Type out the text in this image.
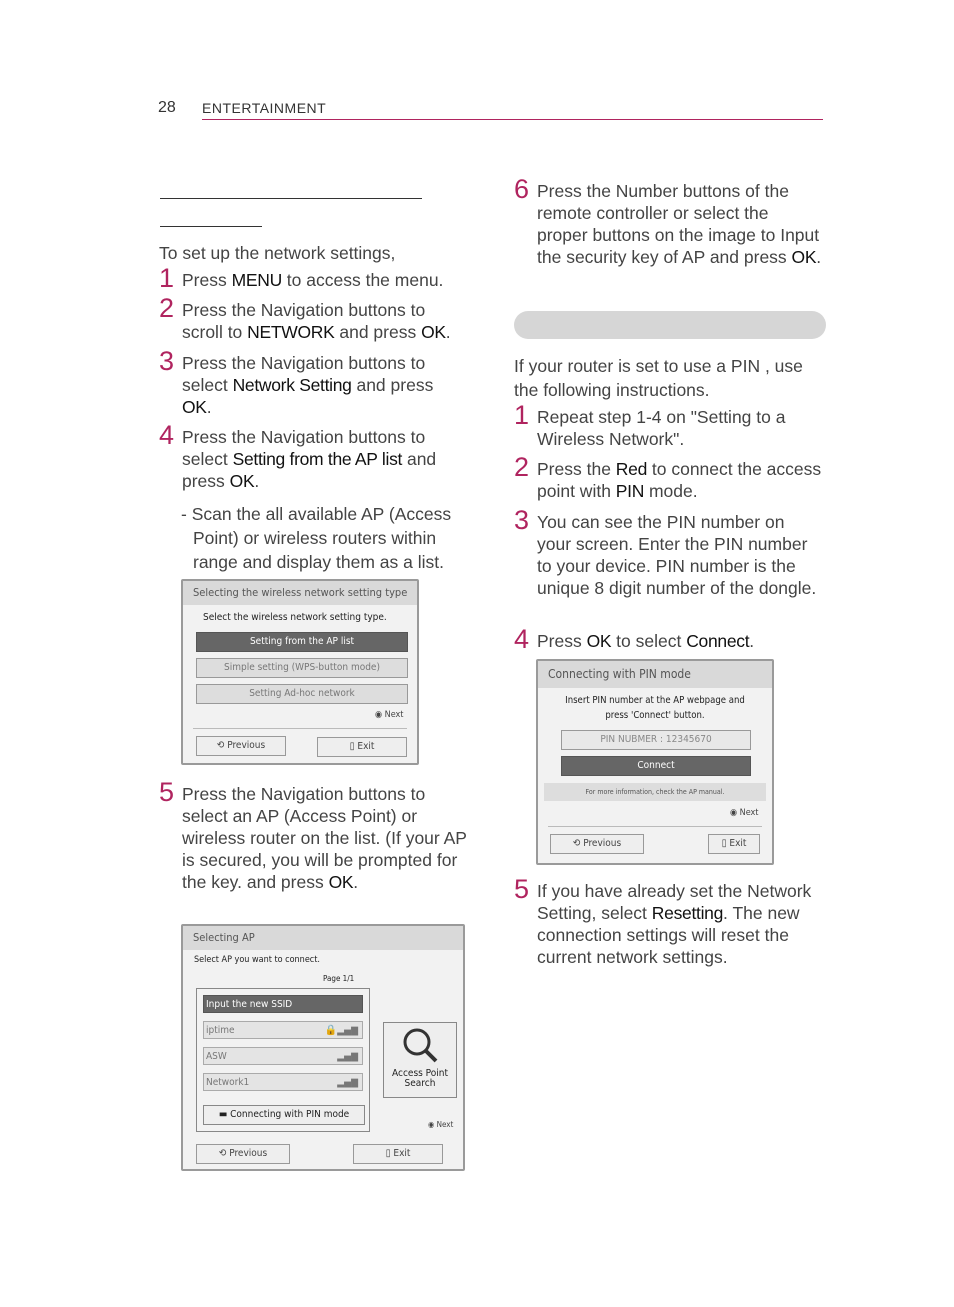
28 ENTERTAINMENT
To set up the network settings,
1 Press MENU to access the menu.
2 Press the Navigation buttons to scroll to NETWORK and press OK.
3 Press the Navigation buttons to select Network Setting and press OK.
4 Press the Navigation buttons to select Setting from the AP list and press OK.
- Scan the all available AP (Access Point) or wireless routers within range and display them as a list.
Selecting the wireless network setting type
Select the wireless network setting type.
Setting from the AP list
Simple setting (WPS-button mode)
Setting Ad-hoc network
◉ Next
⟲ Previous	▯ Exit
5 Press the Navigation buttons to select an AP (Access Point) or wireless router on the list. (If your AP is secured, you will be prompted for the key. and press OK.
Selecting AP
Select AP you want to connect.
Page 1/1
Input the new SSID
iptime	🔒▂▄▆
ASW	▂▄▆
Network1	▂▄▆
▬ Connecting with PIN mode
Access Point
Search
◉ Next
⟲ Previous	▯ Exit
6 Press the Number buttons of the remote controller or select the proper buttons on the image to Input the security key of AP and press OK.
If your router is set to use a PIN , use the following instructions.
1 Repeat step 1-4 on "Setting to a Wireless Network".
2 Press the Red to connect the access point with PIN mode.
3 You can see the PIN number on your screen. Enter the PIN number to your device. PIN number is the unique 8 digit number of the dongle.
4 Press OK to select Connect.
Connecting with PIN mode
Insert PIN number at the AP webpage and
press 'Connect' button.
PIN NUBMER : 12345670
Connect
For more information, check the AP manual.
◉ Next
⟲ Previous	▯ Exit
5 If you have already set the Network Setting, select Resetting. The new connection settings will reset the current network settings.
